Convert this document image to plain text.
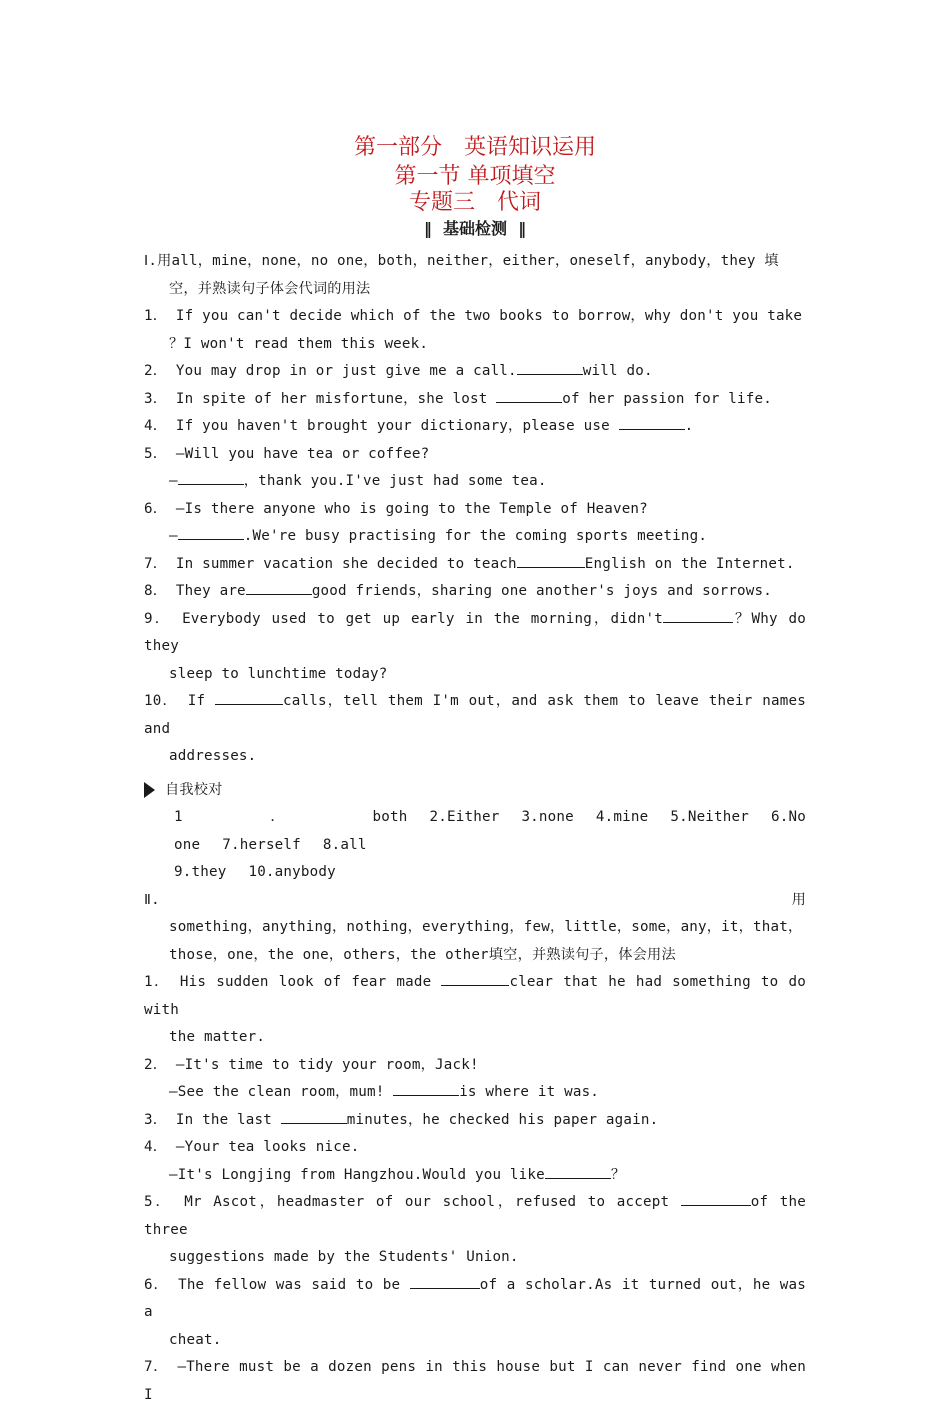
第一部分　英语知识运用
第一节 单项填空
专题三　代词
‖ 基础检测 ‖

Ⅰ.用all，mine，none，no one，both，neither，either，oneself，anybody，they 填

空，并熟读句子体会代词的用法

1． If you can't decide which of the two books to borrow，why don't you take

？I won't read them this week.

2． You may drop in or just give me a call.	will do.

3． In spite of her misfortune，she lost	of her passion for life.

4． If you haven't brought your dictionary，please use	.

5． —Will you have tea or coffee?

—	，thank you.I've just had some tea.

6． —Is there anyone who is going to the Temple of Heaven?

—	.We're busy practising for the coming sports meeting.

7． In summer vacation she decided to teach	English on the Internet.

8． They are	good friends，sharing one another's joys and sorrows.

9． Everybody used to get up early in the morning，didn't	？Why do they

sleep to lunchtime today?

10． If	calls，tell them I'm out，and ask them to leave their names and

addresses.

自我校对

1．both 2.Either 3.none 4.mine 5.Neither 6.No one 7.herself 8.all

9.they 10.anybody

Ⅱ.	用

something，anything，nothing，everything，few，little，some，any，it，that，

those，one，the one，others，the other填空，并熟读句子，体会用法

1． His sudden look of fear made	clear that he had something to do with

the matter.

2． —It's time to tidy your room，Jack!

—See the clean room，mum!	is where it was.

3． In the last	minutes，he checked his paper again.

4． —Your tea looks nice.

—It's Longjing from Hangzhou.Would you like	？

5． Mr Ascot，headmaster of our school，refused to accept	of the three

suggestions made by the Students' Union.

6． The fellow was said to be	of a scholar.As it turned out，he was a

cheat.

7． —There must be a dozen pens in this house but I can never find one when I
